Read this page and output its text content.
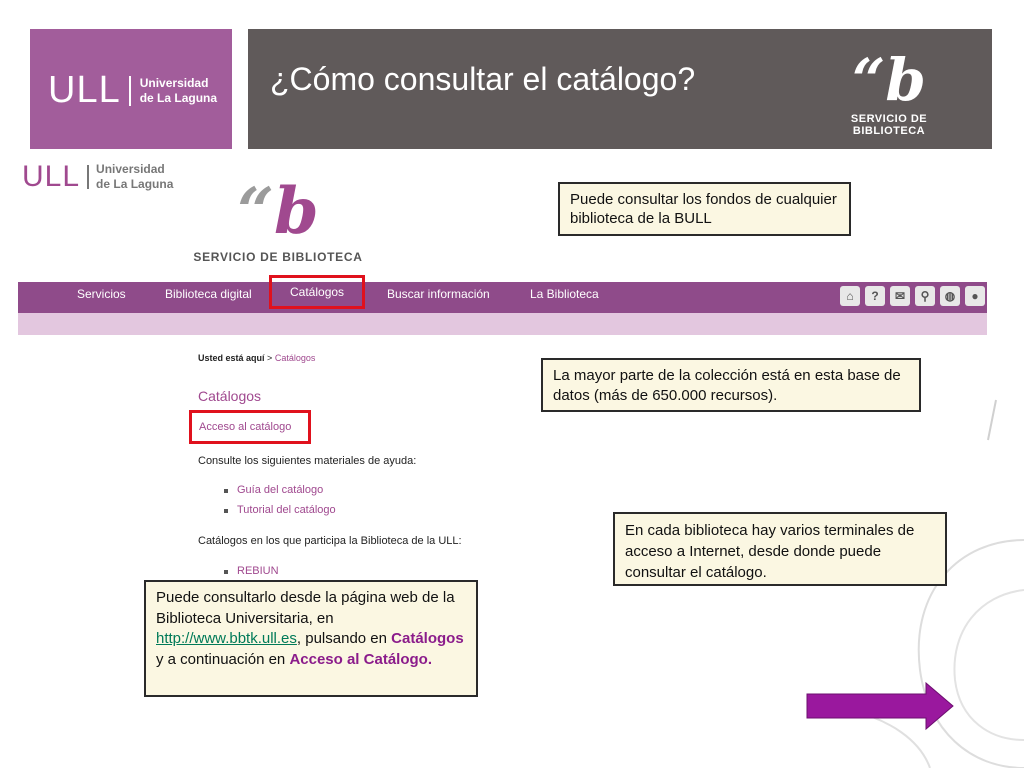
ULL Universidad
de La Laguna
¿Cómo consultar el catálogo?	“b
SERVICIO DE BIBLIOTECA
ULL Universidad
de La Laguna “b
SERVICIO DE BIBLIOTECA
Servicios	Biblioteca digital	Catálogos	Buscar información	La Biblioteca	⌂	?	✉	⚲	◍	●
Usted está aquí > Catálogos
Catálogos
Acceso al catálogo
Consulte los siguientes materiales de ayuda:
Guía del catálogo
Tutorial del catálogo
Catálogos en los que participa la Biblioteca de la ULL:
REBIUN
Puede consultar los fondos de cualquier biblioteca de la BULL
La mayor parte de la colección está en esta base de datos (más de 650.000 recursos).
En cada biblioteca hay varios terminales de acceso a Internet, desde donde puede consultar el catálogo.
Puede consultarlo desde la página web de la Biblioteca Universitaria, en http://www.bbtk.ull.es, pulsando en Catálogos y a continuación en Acceso al Catálogo.
